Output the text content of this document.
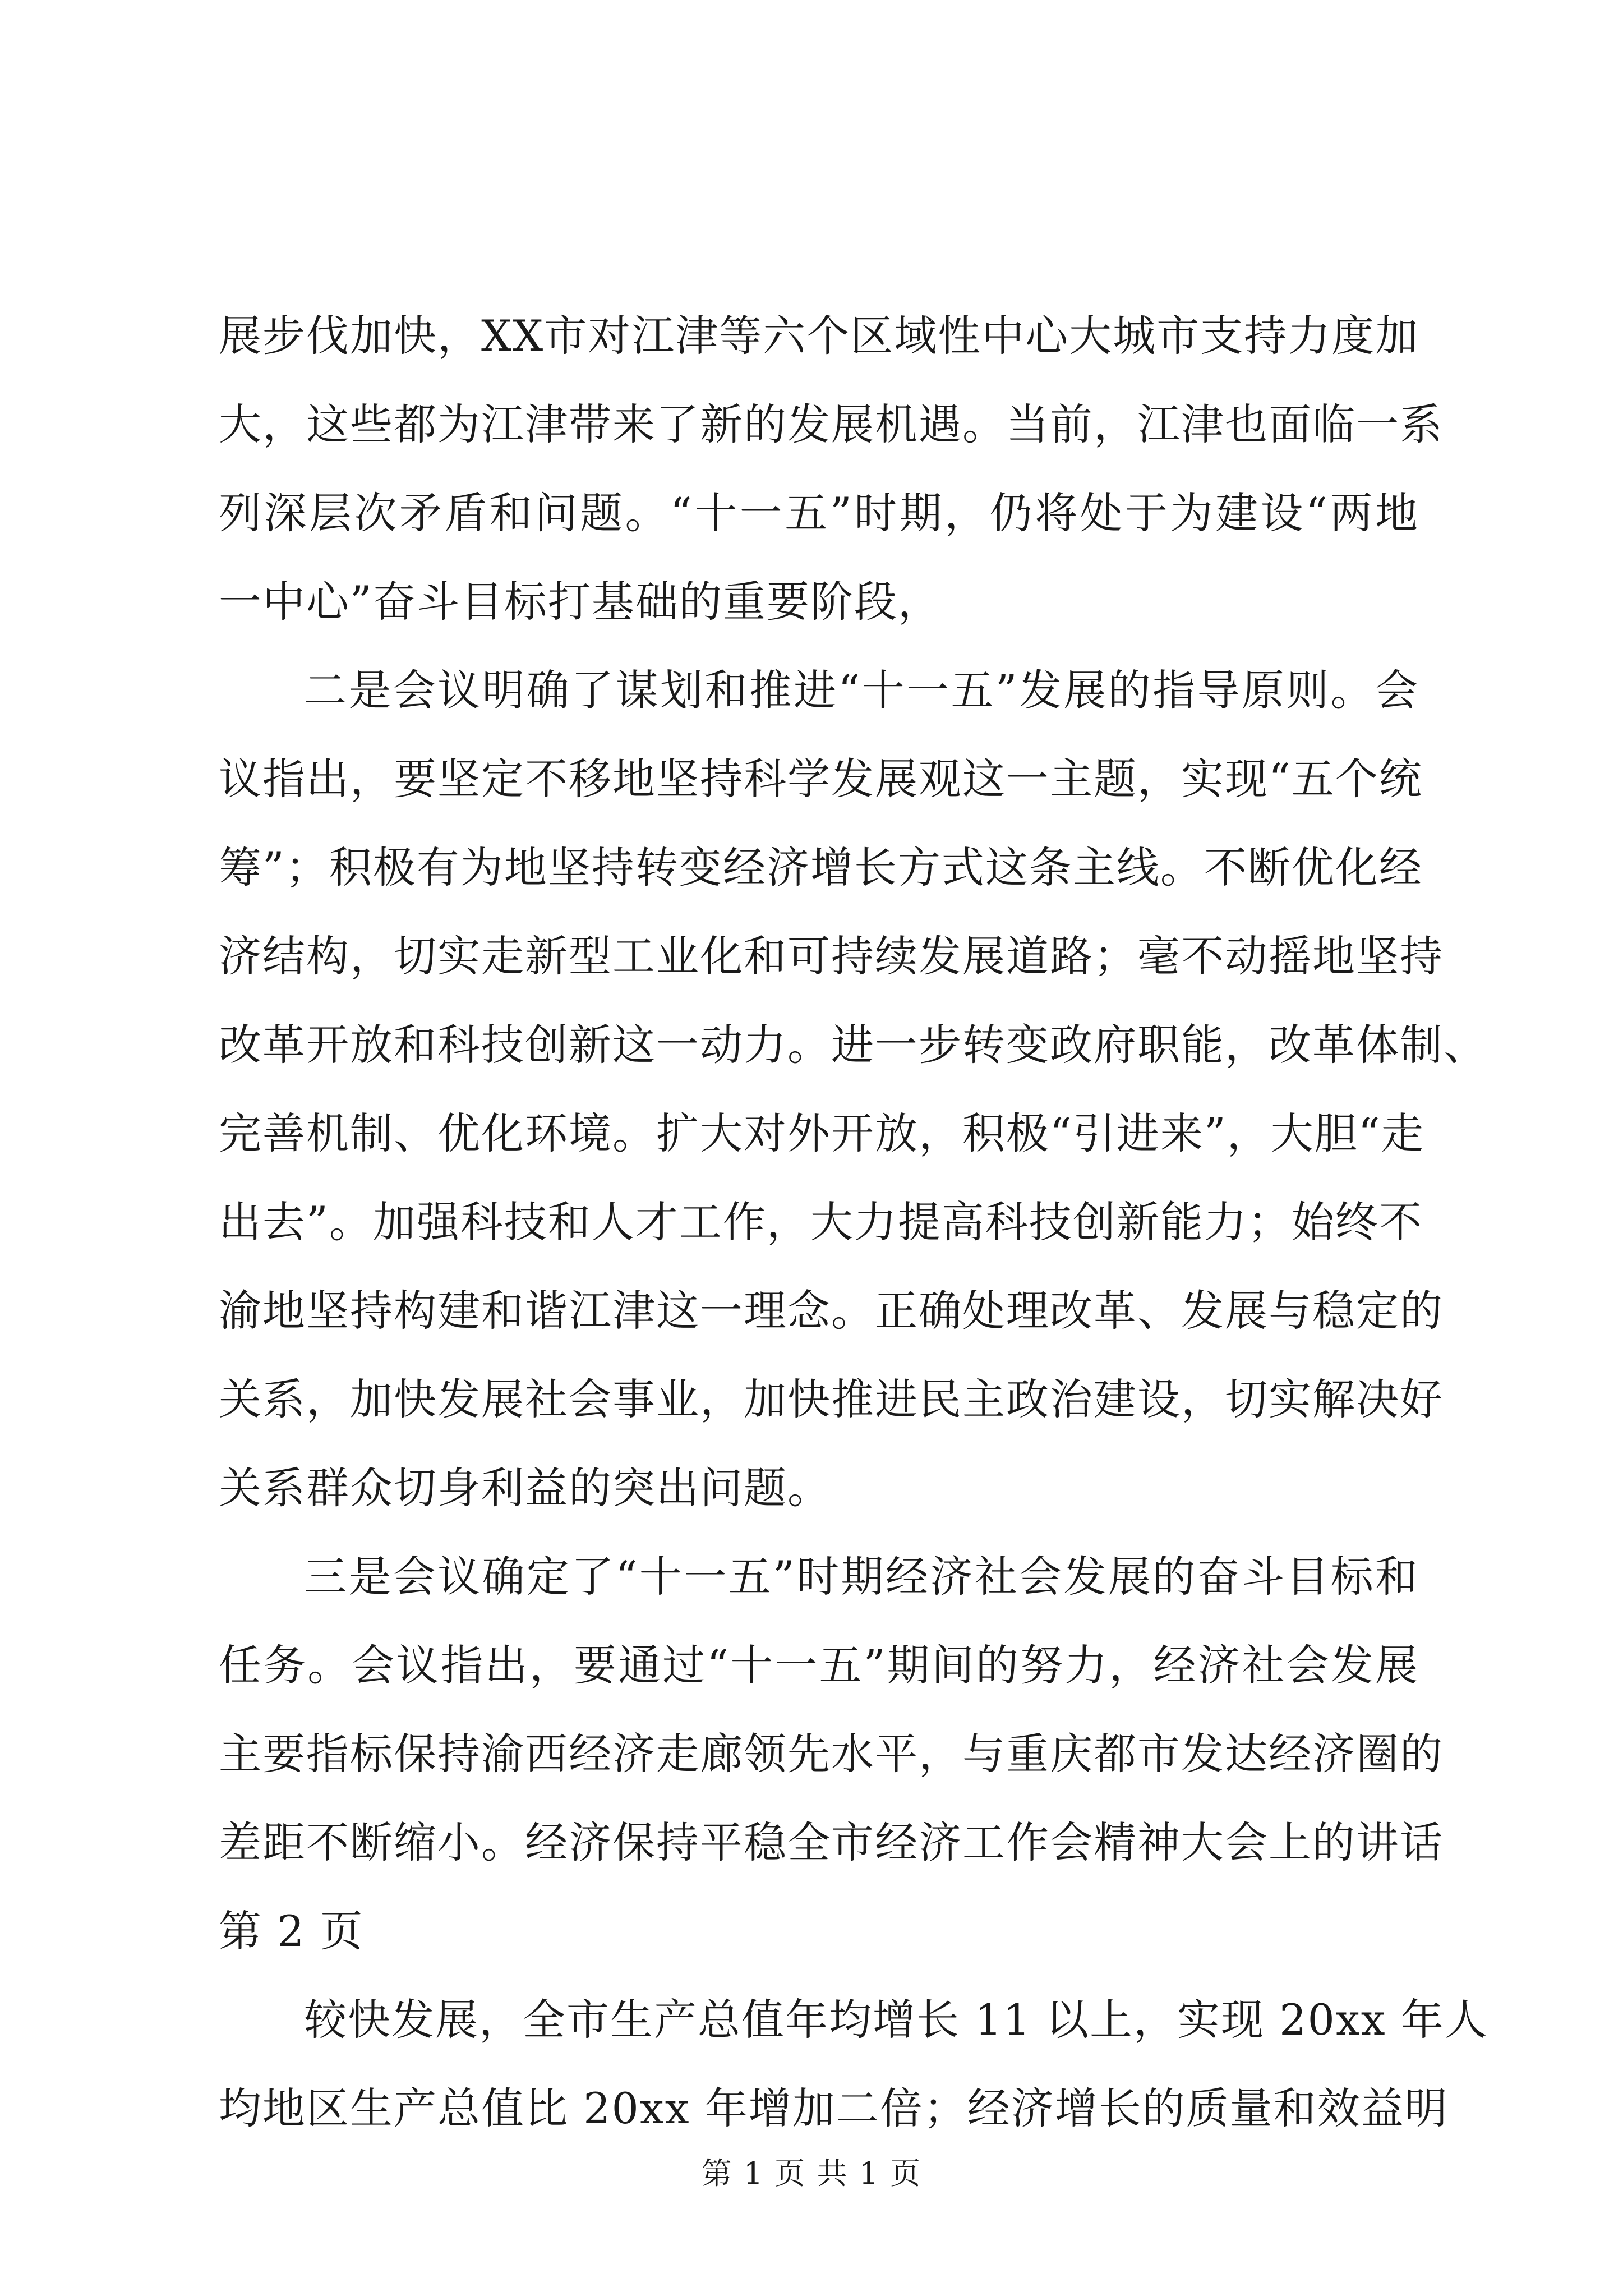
展步伐加快，XX市对江津等六个区域性中心大城市支持力度加
大，这些都为江津带来了新的发展机遇。当前，江津也面临一系
列深层次矛盾和问题。“十一五”时期，仍将处于为建设“两地
一中心”奋斗目标打基础的重要阶段，
二是会议明确了谋划和推进“十一五”发展的指导原则。会
议指出，要坚定不移地坚持科学发展观这一主题，实现“五个统
筹”；积极有为地坚持转变经济增长方式这条主线。不断优化经
济结构，切实走新型工业化和可持续发展道路；毫不动摇地坚持
改革开放和科技创新这一动力。进一步转变政府职能，改革体制、
完善机制、优化环境。扩大对外开放，积极“引进来”，大胆“走
出去”。加强科技和人才工作，大力提高科技创新能力；始终不
渝地坚持构建和谐江津这一理念。正确处理改革、发展与稳定的
关系，加快发展社会事业，加快推进民主政治建设，切实解决好
关系群众切身利益的突出问题。
三是会议确定了“十一五”时期经济社会发展的奋斗目标和
任务。会议指出，要通过“十一五”期间的努力，经济社会发展
主要指标保持渝西经济走廊领先水平，与重庆都市发达经济圈的
差距不断缩小。经济保持平稳全市经济工作会精神大会上的讲话
第 2 页
较快发展，全市生产总值年均增长 11 以上，实现 20xx 年人
均地区生产总值比 20xx 年增加二倍；经济增长的质量和效益明
第 1 页 共 1 页
